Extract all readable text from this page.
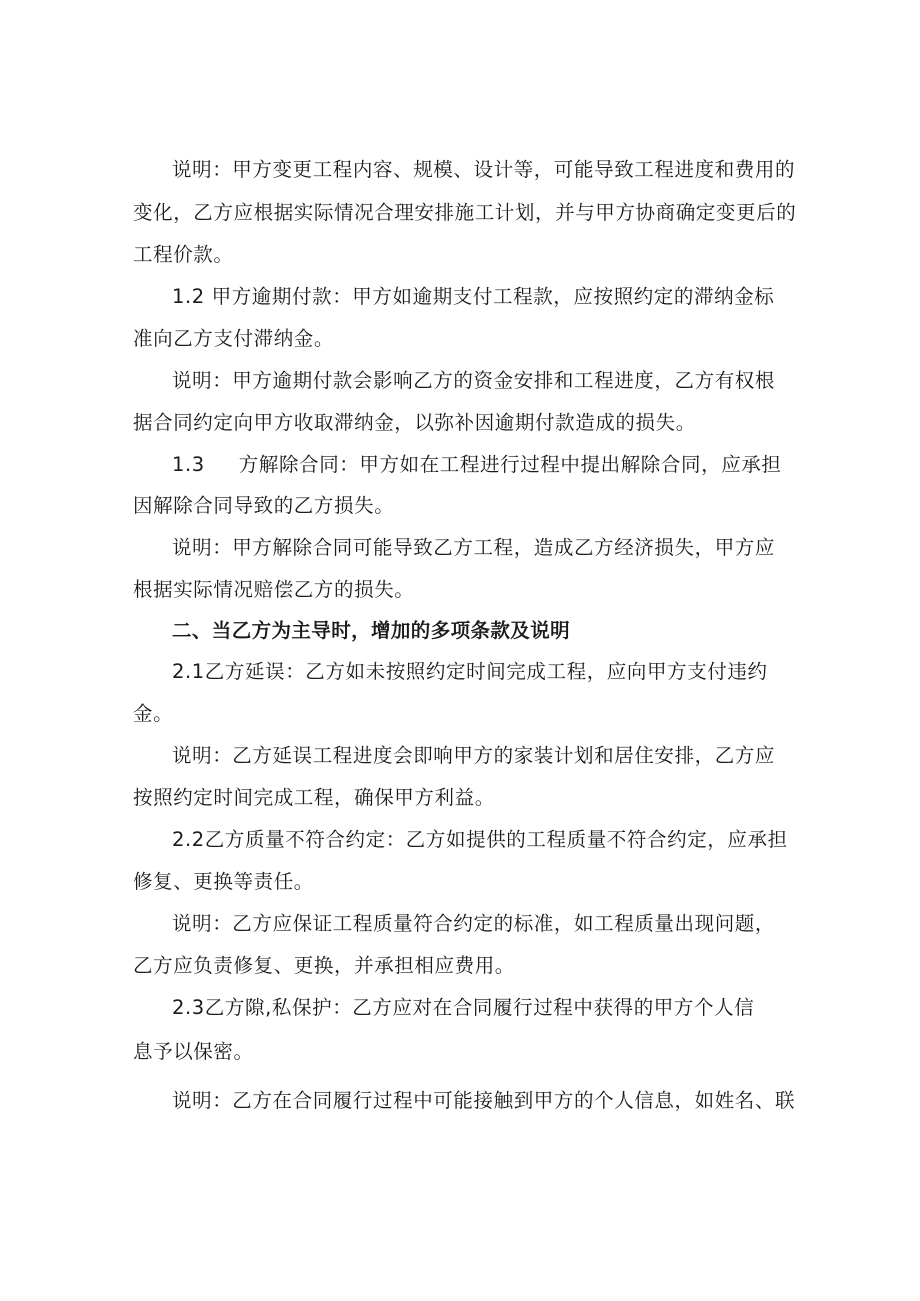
说明：甲方变更工程内容、规模、设计等，可能导致工程进度和费用的

变化，乙方应根据实际情况合理安排施工计划，并与甲方协商确定变更后的

工程价款。

1.2 甲方逾期付款：甲方如逾期支付工程款，应按照约定的滞纳金标

准向乙方支付滞纳金。

说明：甲方逾期付款会影响乙方的资金安排和工程进度，乙方有权根

据合同约定向甲方收取滞纳金，以弥补因逾期付款造成的损失。

1.3     方解除合同：甲方如在工程进行过程中提出解除合同，应承担

因解除合同导致的乙方损失。

说明：甲方解除合同可能导致乙方工程，造成乙方经济损失，甲方应

根据实际情况赔偿乙方的损失。

二、当乙方为主导时，增加的多项条款及说明

2.1乙方延误：乙方如未按照约定时间完成工程，应向甲方支付违约

金。

说明：乙方延误工程进度会即响甲方的家装计划和居住安排，乙方应

按照约定时间完成工程，确保甲方利益。

2.2乙方质量不符合约定：乙方如提供的工程质量不符合约定，应承担

修复、更换等责任。

说明：乙方应保证工程质量符合约定的标准，如工程质量出现问题，

乙方应负责修复、更换，并承担相应费用。

2.3乙方隙,私保护：乙方应对在合同履行过程中获得的甲方个人信

息予以保密。

说明：乙方在合同履行过程中可能接触到甲方的个人信息，如姓名、联
